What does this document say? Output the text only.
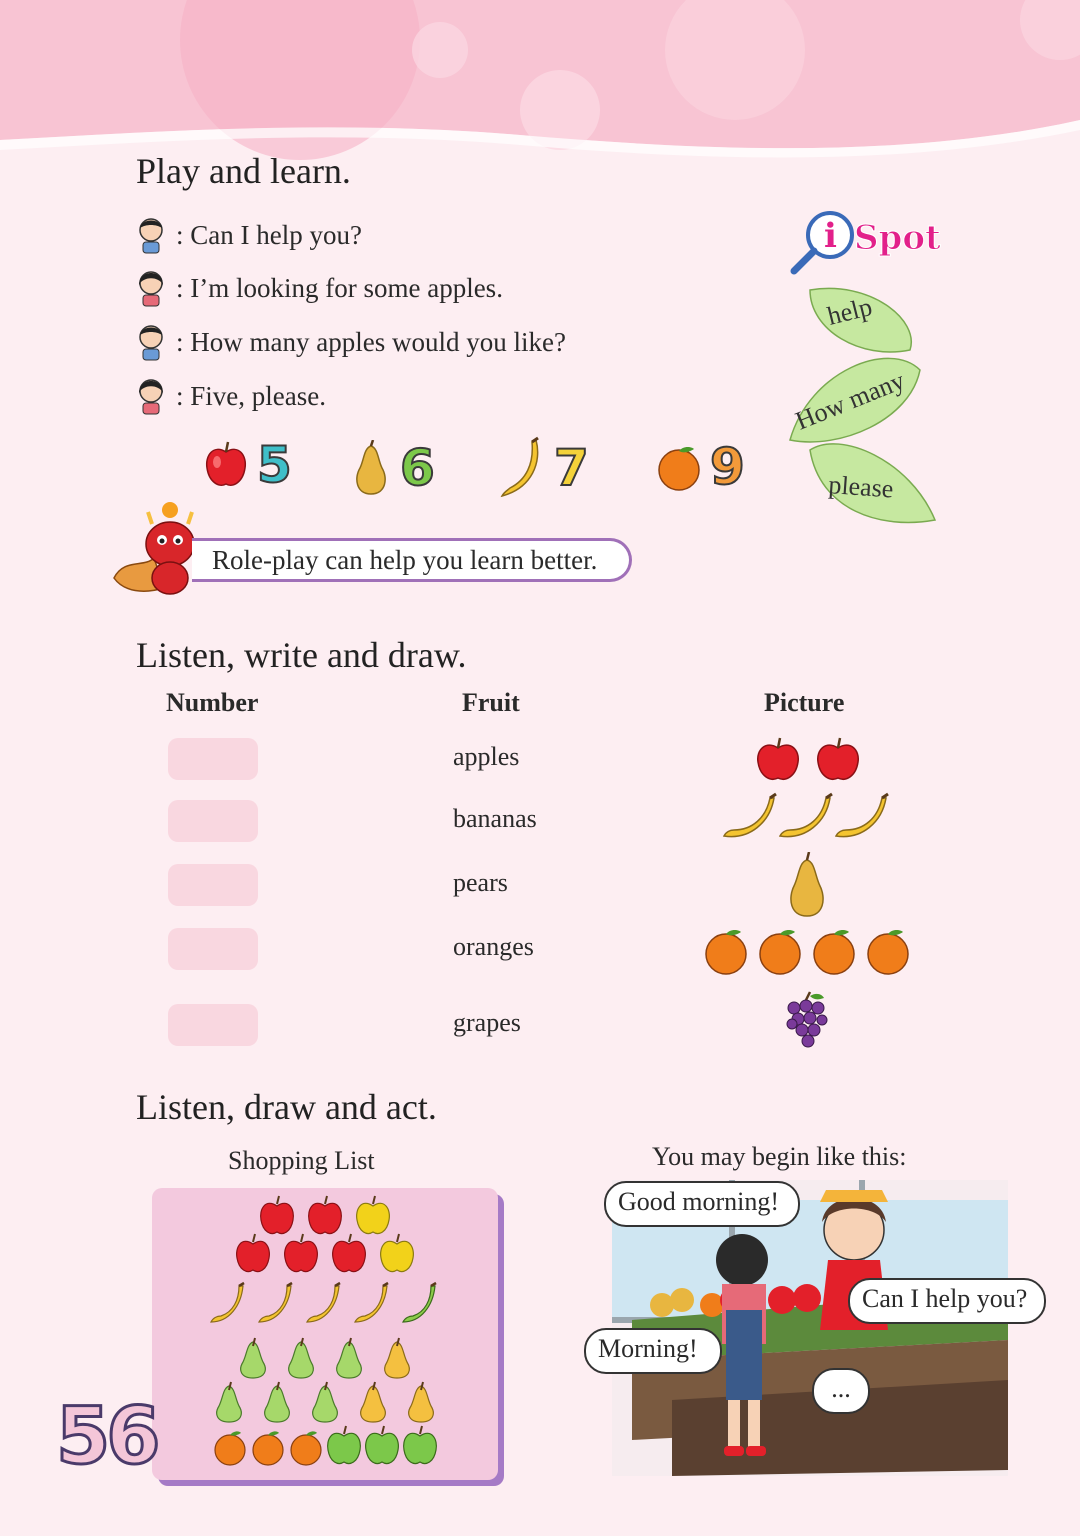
Play and learn.
: Can I help you?
: I’m looking for some apples.
: How many apples would you like?
: Five, please.
5 6 7 9
i Spot
help
How many
please
Role-play can help you learn better.
Listen, write and draw.
Number	Fruit	Picture
apples
bananas
pears
oranges
grapes
Listen, draw and act.
Shopping List	You may begin like this:
Good morning!
Can I help you?
Morning!
...
56
